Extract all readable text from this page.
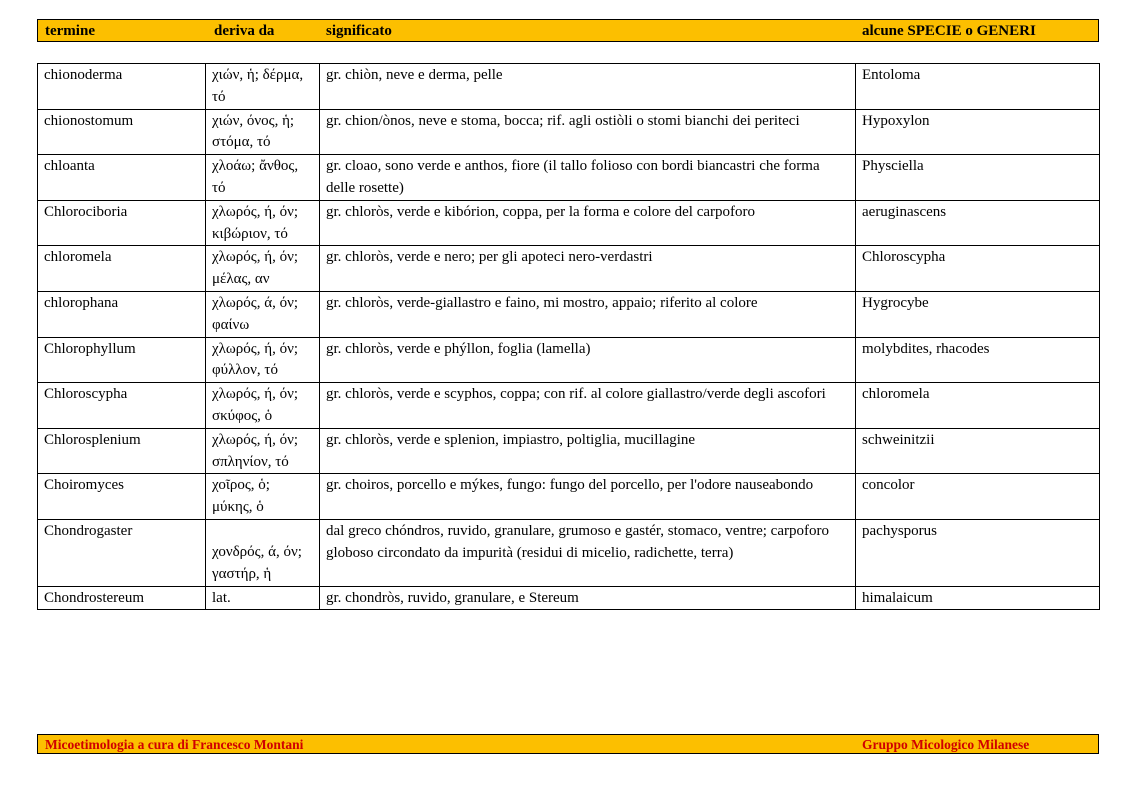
termine	deriva da	significato	alcune SPECIE o GENERI
chionoderma	χιών, ἡ; δέρμα, τό	gr. chiòn, neve e derma, pelle	Entoloma
chionostomum	χιών, όνος, ἡ; στόμα, τό	gr. chion/ònos, neve e stoma, bocca; rif. agli ostiòli o stomi bianchi dei periteci	Hypoxylon
chloanta	χλοάω; ἄνθος, τό	gr. cloao, sono verde e anthos, fiore (il tallo folioso con bordi biancastri che forma delle rosette)	Physciella
Chlorociboria	χλωρός, ή, όν; κιβώριον, τό	gr. chloròs, verde e kibórion, coppa, per la forma e colore del carpoforo	aeruginascens
chloromela	χλωρός, ή, όν; μέλας, αν	gr. chloròs, verde e nero; per gli apoteci nero-verdastri	Chloroscypha
chlorophana	χλωρός, ά, όν; φαίνω	gr. chloròs, verde-giallastro e faino, mi mostro, appaio; riferito al colore	Hygrocybe
Chlorophyllum	χλωρός, ή, όν; φύλλον, τό	gr. chloròs, verde e phýllon, foglia (lamella)	molybdites, rhacodes
Chloroscypha	χλωρός, ή, όν; σκύφος, ὁ	gr. chloròs, verde e scyphos, coppa; con rif. al colore giallastro/verde degli ascofori	chloromela
Chlorosplenium	χλωρός, ή, όν; σπληνίον, τό	gr. chloròs, verde e splenion, impiastro, poltiglia, mucillagine	schweinitzii
Choiromyces	χοῖρος, ὁ; μύκης, ὁ	gr. choiros, porcello e mýkes, fungo: fungo del porcello, per l'odore nauseabondo	concolor
Chondrogaster	χονδρός, ά, όν; γαστήρ, ἡ	dal greco chóndros, ruvido, granulare, grumoso e gastér, stomaco, ventre; carpoforo globoso circondato da impurità (residui di micelio, radichette, terra)	pachysporus
Chondrostereum	lat.	gr. chondròs, ruvido, granulare, e Stereum	himalaicum
Micoetimologia a cura di Francesco Montani	Gruppo Micologico Milanese
